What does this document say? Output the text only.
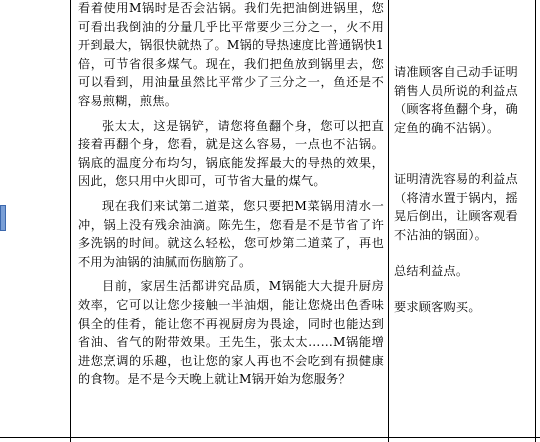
看着使用M锅时是否会沾锅。我们先把油倒进锅里，您可看出我倒油的分量几乎比平常要少三分之一，火不用开到最大，锅很快就热了。M锅的导热速度比普通锅快1倍，可节省很多煤气。现在，我们把鱼放到锅里去，您可以看到，用油量虽然比平常少了三分之一，鱼还是不容易煎糊，煎焦。

张太太，这是锅铲，请您将鱼翻个身，您可以把直接着再翻个身，您看，就是这么容易，一点也不沾锅。锅底的温度分布均匀，锅底能发挥最大的导热的效果，因此，您只用中火即可，可节省大量的煤气。

现在我们来试第二道菜，您只要把M菜锅用清水一冲，锅上没有残余油滴。陈先生，您看是不是节省了许多洗锅的时间。就这么轻松，您可炒第二道菜了，再也不用为油锅的油腻而伤脑筋了。

目前，家居生活都讲究品质，M锅能大大提升厨房效率，它可以让您少接触一半油烟，能让您烧出色香味俱全的佳肴，能让您不再视厨房为畏途，同时也能达到省油、省气的附带效果。王先生，张太太……M锅能增进您烹调的乐趣，也让您的家人再也不会吃到有损健康的食物。是不是今天晚上就让M锅开始为您服务？

请准顾客自己动手证明销售人员所说的利益点（顾客将鱼翻个身，确定鱼的确不沾锅）。

证明清洗容易的利益点（将清水置于锅内，摇晃后倒出，让顾客观看不沾油的锅面）。

总结利益点。

要求顾客购买。
